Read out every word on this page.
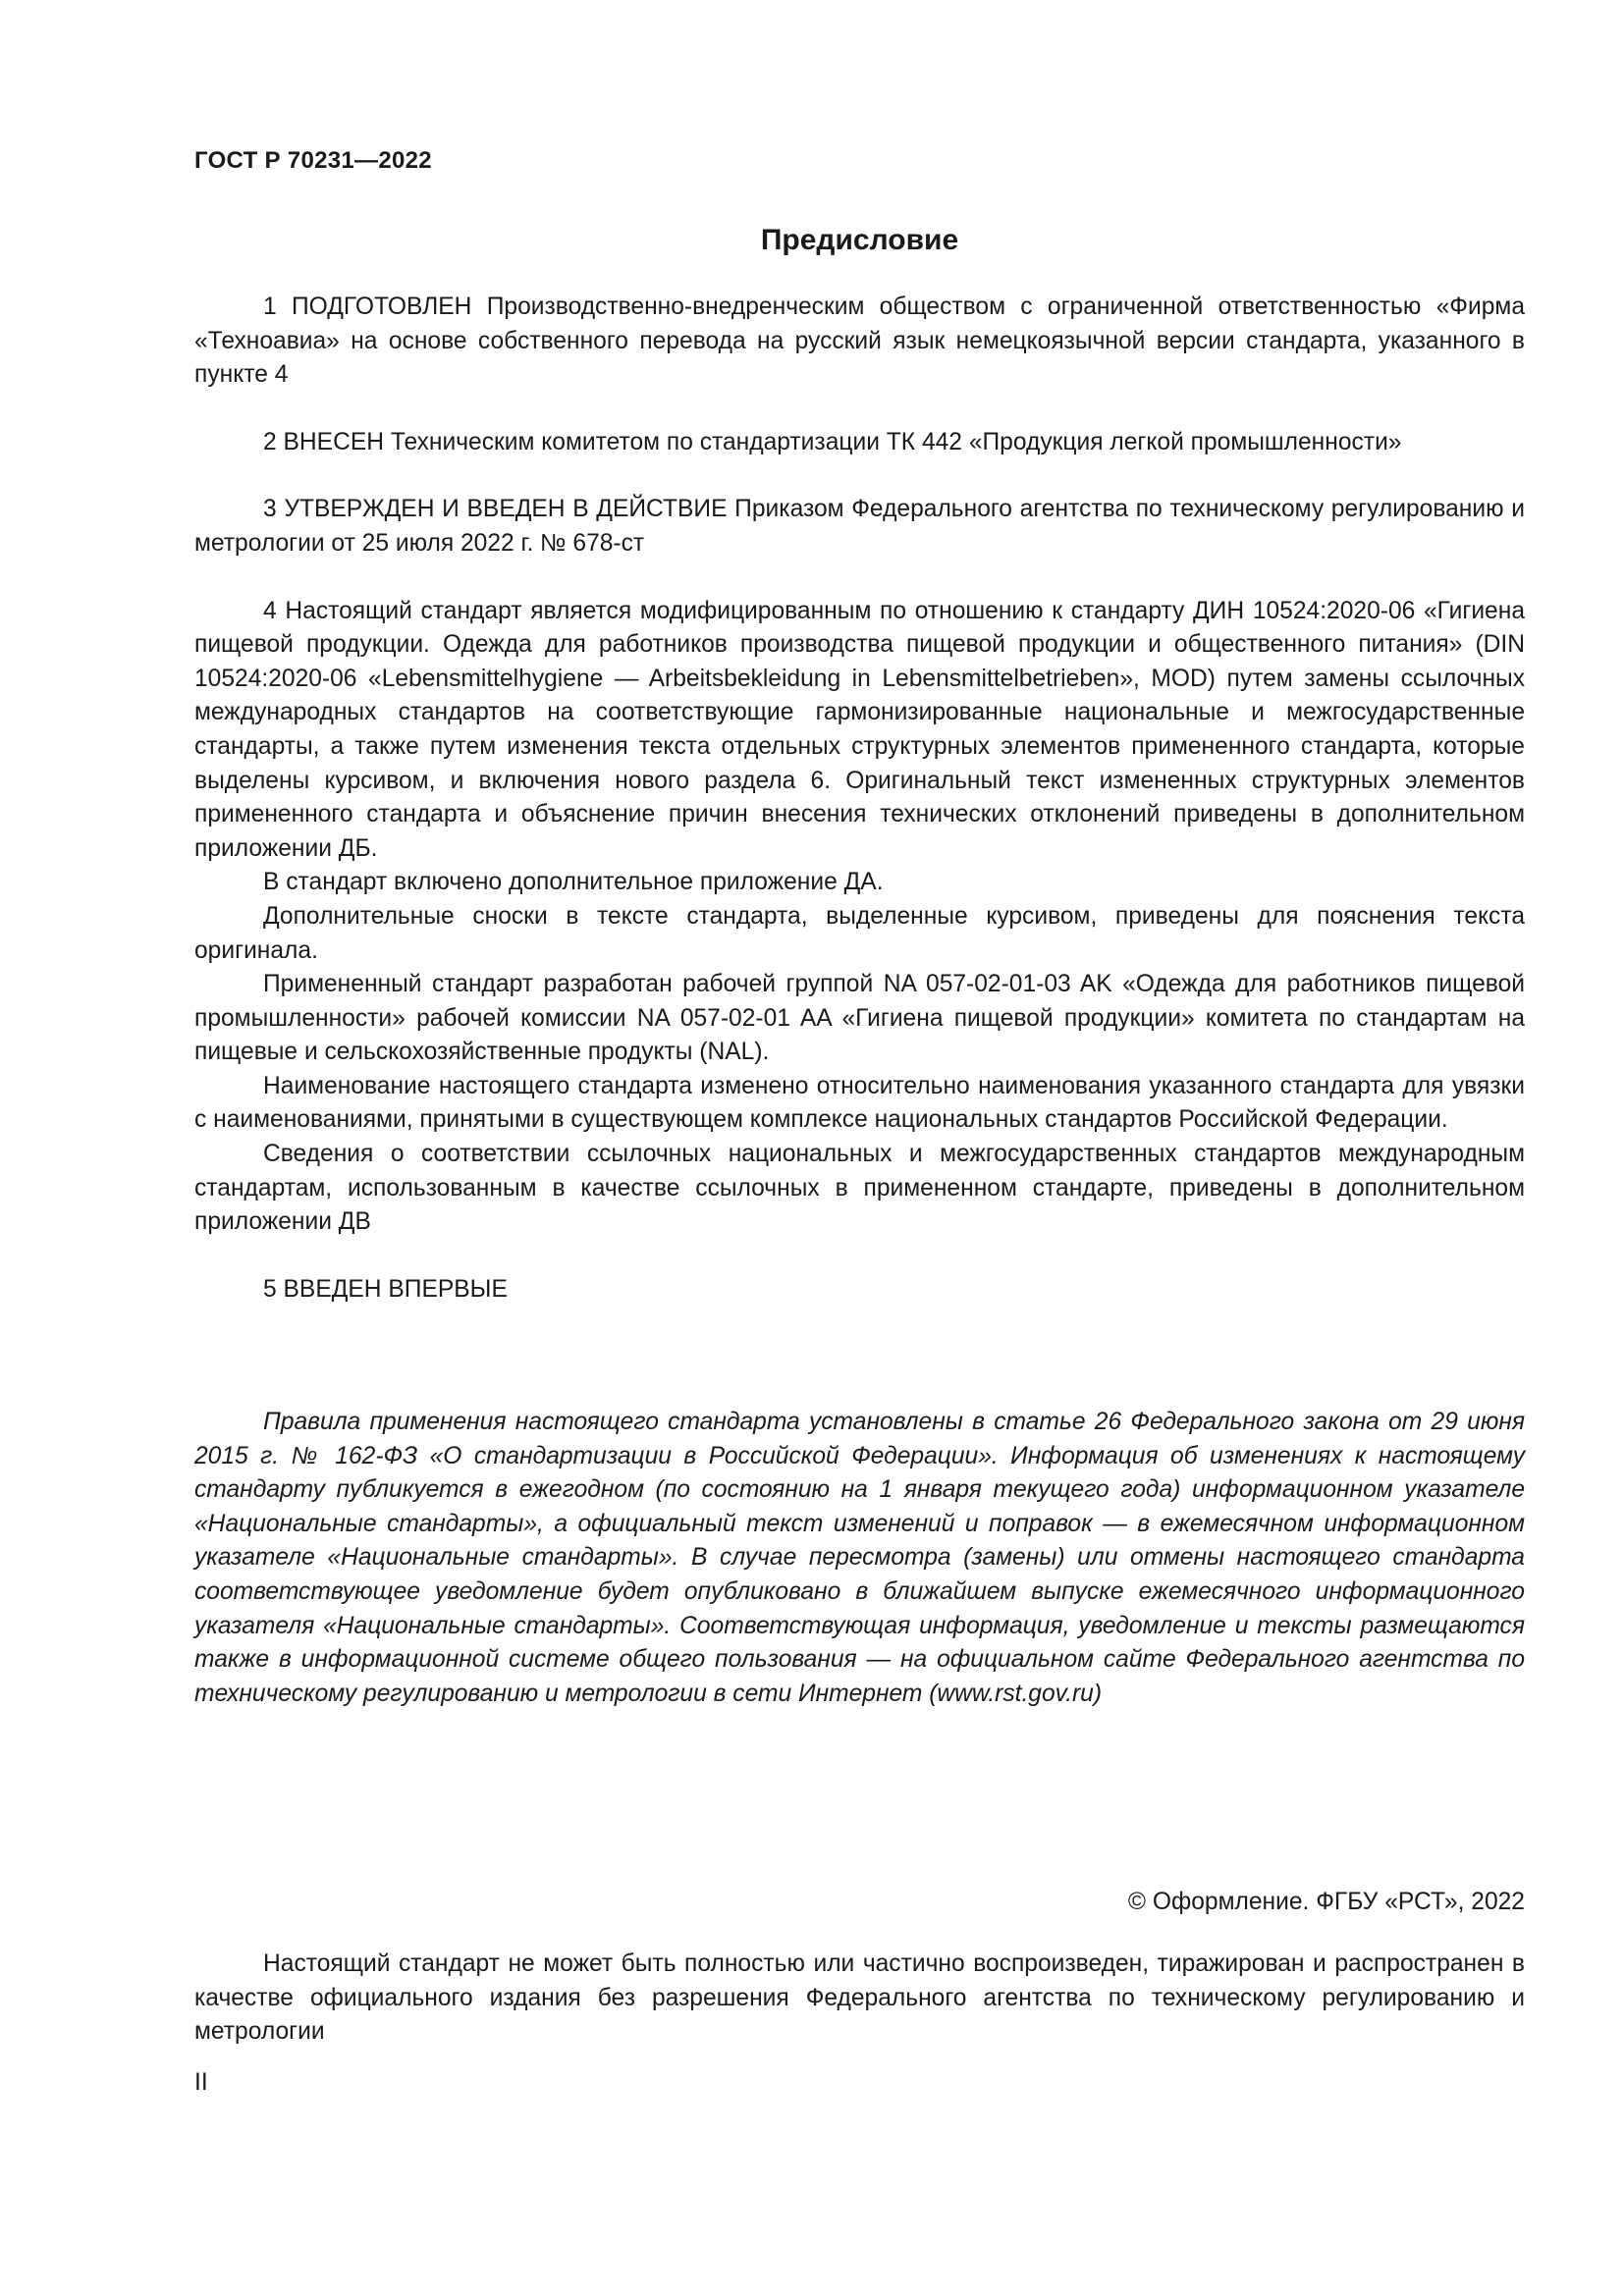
ГОСТ Р 70231—2022

Предисловие

1 ПОДГОТОВЛЕН Производственно-внедренческим обществом с ограниченной ответственностью «Фирма «Техноавиа» на основе собственного перевода на русский язык немецкоязычной версии стандарта, указанного в пункте 4

2 ВНЕСЕН Техническим комитетом по стандартизации ТК 442 «Продукция легкой промышленности»

3 УТВЕРЖДЕН И ВВЕДЕН В ДЕЙСТВИЕ Приказом Федерального агентства по техническому регулированию и метрологии от 25 июля 2022 г. № 678-ст

4 Настоящий стандарт является модифицированным по отношению к стандарту ДИН 10524:2020-06 «Гигиена пищевой продукции. Одежда для работников производства пищевой продукции и общественного питания» (DIN 10524:2020-06 «Lebensmittelhygiene — Arbeitsbekleidung in Lebensmittelbetrieben», MOD) путем замены ссылочных международных стандартов на соответствующие гармонизированные национальные и межгосударственные стандарты, а также путем изменения текста отдельных структурных элементов примененного стандарта, которые выделены курсивом, и включения нового раздела 6. Оригинальный текст измененных структурных элементов примененного стандарта и объяснение причин внесения технических отклонений приведены в дополнительном приложении ДБ.

В стандарт включено дополнительное приложение ДА.

Дополнительные сноски в тексте стандарта, выделенные курсивом, приведены для пояснения текста оригинала.

Примененный стандарт разработан рабочей группой NA 057-02-01-03 AK «Одежда для работников пищевой промышленности» рабочей комиссии NA 057-02-01 AA «Гигиена пищевой продукции» комитета по стандартам на пищевые и сельскохозяйственные продукты (NAL).

Наименование настоящего стандарта изменено относительно наименования указанного стандарта для увязки с наименованиями, принятыми в существующем комплексе национальных стандартов Российской Федерации.

Сведения о соответствии ссылочных национальных и межгосударственных стандартов международным стандартам, использованным в качестве ссылочных в примененном стандарте, приведены в дополнительном приложении ДВ

5 ВВЕДЕН ВПЕРВЫЕ

Правила применения настоящего стандарта установлены в статье 26 Федерального закона от 29 июня 2015 г. № 162-ФЗ «О стандартизации в Российской Федерации». Информация об изменениях к настоящему стандарту публикуется в ежегодном (по состоянию на 1 января текущего года) информационном указателе «Национальные стандарты», а официальный текст изменений и поправок — в ежемесячном информационном указателе «Национальные стандарты». В случае пересмотра (замены) или отмены настоящего стандарта соответствующее уведомление будет опубликовано в ближайшем выпуске ежемесячного информационного указателя «Национальные стандарты». Соответствующая информация, уведомление и тексты размещаются также в информационной системе общего пользования — на официальном сайте Федерального агентства по техническому регулированию и метрологии в сети Интернет (www.rst.gov.ru)

© Оформление. ФГБУ «РСТ», 2022

Настоящий стандарт не может быть полностью или частично воспроизведен, тиражирован и распространен в качестве официального издания без разрешения Федерального агентства по техническому регулированию и метрологии

II
